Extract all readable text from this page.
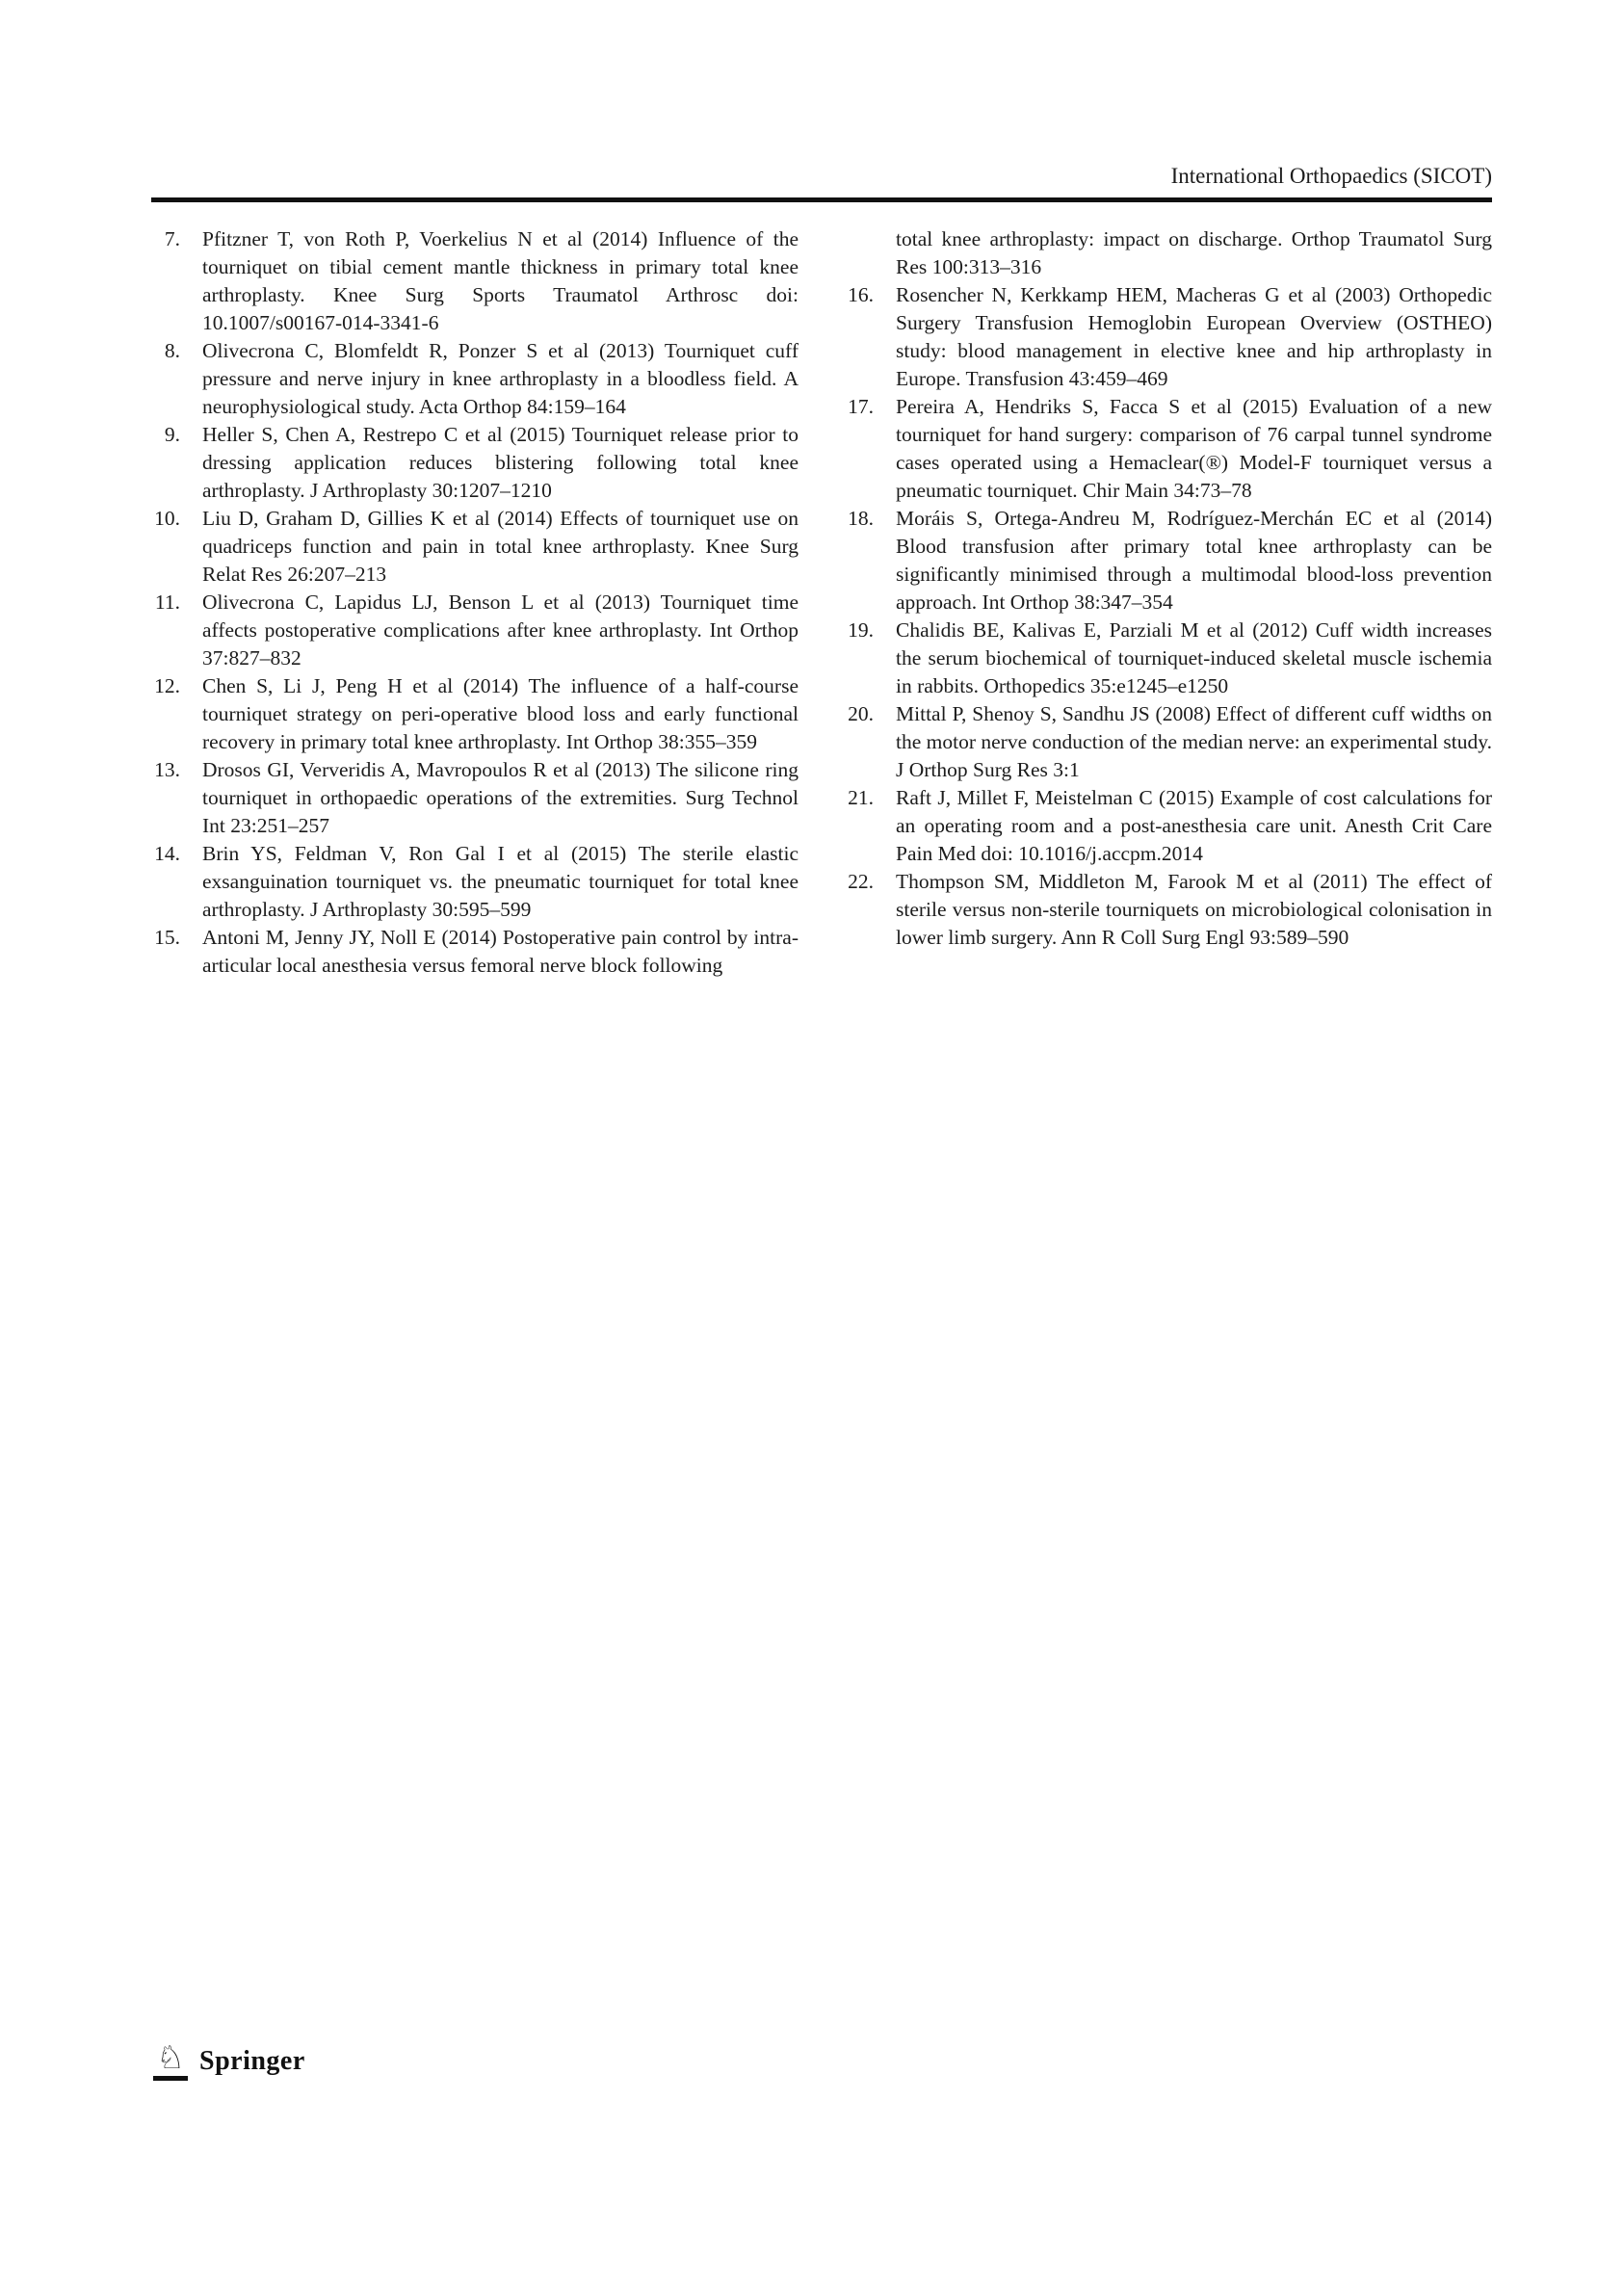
International Orthopaedics (SICOT)
7. Pfitzner T, von Roth P, Voerkelius N et al (2014) Influence of the tourniquet on tibial cement mantle thickness in primary total knee arthroplasty. Knee Surg Sports Traumatol Arthrosc doi: 10.1007/s00167-014-3341-6
8. Olivecrona C, Blomfeldt R, Ponzer S et al (2013) Tourniquet cuff pressure and nerve injury in knee arthroplasty in a bloodless field. A neurophysiological study. Acta Orthop 84:159–164
9. Heller S, Chen A, Restrepo C et al (2015) Tourniquet release prior to dressing application reduces blistering following total knee arthroplasty. J Arthroplasty 30:1207–1210
10. Liu D, Graham D, Gillies K et al (2014) Effects of tourniquet use on quadriceps function and pain in total knee arthroplasty. Knee Surg Relat Res 26:207–213
11. Olivecrona C, Lapidus LJ, Benson L et al (2013) Tourniquet time affects postoperative complications after knee arthroplasty. Int Orthop 37:827–832
12. Chen S, Li J, Peng H et al (2014) The influence of a half-course tourniquet strategy on peri-operative blood loss and early functional recovery in primary total knee arthroplasty. Int Orthop 38:355–359
13. Drosos GI, Ververidis A, Mavropoulos R et al (2013) The silicone ring tourniquet in orthopaedic operations of the extremities. Surg Technol Int 23:251–257
14. Brin YS, Feldman V, Ron Gal I et al (2015) The sterile elastic exsanguination tourniquet vs. the pneumatic tourniquet for total knee arthroplasty. J Arthroplasty 30:595–599
15. Antoni M, Jenny JY, Noll E (2014) Postoperative pain control by intra-articular local anesthesia versus femoral nerve block following
total knee arthroplasty: impact on discharge. Orthop Traumatol Surg Res 100:313–316
16. Rosencher N, Kerkkamp HEM, Macheras G et al (2003) Orthopedic Surgery Transfusion Hemoglobin European Overview (OSTHEO) study: blood management in elective knee and hip arthroplasty in Europe. Transfusion 43:459–469
17. Pereira A, Hendriks S, Facca S et al (2015) Evaluation of a new tourniquet for hand surgery: comparison of 76 carpal tunnel syndrome cases operated using a Hemaclear(®) Model-F tourniquet versus a pneumatic tourniquet. Chir Main 34:73–78
18. Moráis S, Ortega-Andreu M, Rodríguez-Merchán EC et al (2014) Blood transfusion after primary total knee arthroplasty can be significantly minimised through a multimodal blood-loss prevention approach. Int Orthop 38:347–354
19. Chalidis BE, Kalivas E, Parziali M et al (2012) Cuff width increases the serum biochemical of tourniquet-induced skeletal muscle ischemia in rabbits. Orthopedics 35:e1245–e1250
20. Mittal P, Shenoy S, Sandhu JS (2008) Effect of different cuff widths on the motor nerve conduction of the median nerve: an experimental study. J Orthop Surg Res 3:1
21. Raft J, Millet F, Meistelman C (2015) Example of cost calculations for an operating room and a post-anesthesia care unit. Anesth Crit Care Pain Med doi: 10.1016/j.accpm.2014
22. Thompson SM, Middleton M, Farook M et al (2011) The effect of sterile versus non-sterile tourniquets on microbiological colonisation in lower limb surgery. Ann R Coll Surg Engl 93:589–590
♘ Springer
